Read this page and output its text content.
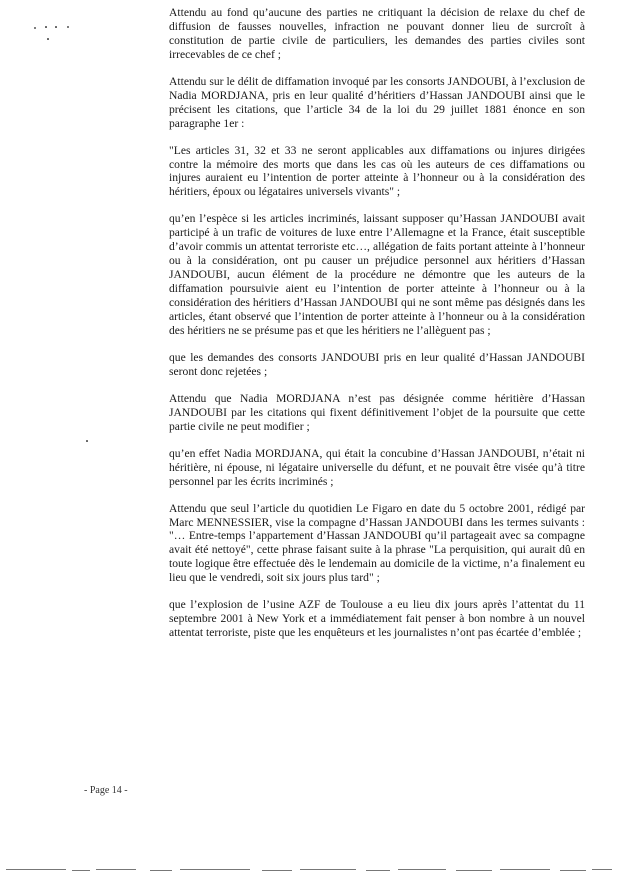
Attendu au fond qu’aucune des parties ne critiquant la décision de relaxe du chef de diffusion de fausses nouvelles, infraction ne pouvant donner lieu de surcroît à constitution de partie civile de particuliers, les demandes des parties civiles sont irrecevables de ce chef ;

Attendu sur le délit de diffamation invoqué par les consorts JANDOUBI, à l’exclusion de Nadia MORDJANA, pris en leur qualité d’héritiers d’Hassan JANDOUBI ainsi que le précisent les citations, que l’article 34 de la loi du 29 juillet 1881 énonce en son paragraphe 1er :

"Les articles 31, 32 et 33 ne seront applicables aux diffamations ou injures dirigées contre la mémoire des morts que dans les cas où les auteurs de ces diffamations ou injures auraient eu l’intention de porter atteinte à l’honneur ou à la considération des héritiers, époux ou légataires universels vivants" ;

qu’en l’espèce si les articles incriminés, laissant supposer qu’Hassan JANDOUBI avait participé à un trafic de voitures de luxe entre l’Allemagne et la France, était susceptible d’avoir commis un attentat terroriste etc…, allégation de faits portant atteinte à l’honneur ou à la considération, ont pu causer un préjudice personnel aux héritiers d’Hassan JANDOUBI, aucun élément de la procédure ne démontre que les auteurs de la diffamation poursuivie aient eu l’intention de porter atteinte à l’honneur ou à la considération des héritiers d’Hassan JANDOUBI qui ne sont même pas désignés dans les articles, étant observé que l’intention de porter atteinte à l’honneur ou à la considération des héritiers ne se présume pas et que les héritiers ne l’allèguent pas ;

que les demandes des consorts JANDOUBI pris en leur qualité d’Hassan JANDOUBI seront donc rejetées ;

Attendu que Nadia MORDJANA n’est pas désignée comme héritière d’Hassan JANDOUBI par les citations qui fixent définitivement l’objet de la poursuite que cette partie civile ne peut modifier ;

qu’en effet Nadia MORDJANA, qui était la concubine d’Hassan JANDOUBI, n’était ni héritière, ni épouse, ni légataire universelle du défunt, et ne pouvait être visée qu’à titre personnel par les écrits incriminés ;

Attendu que seul l’article du quotidien Le Figaro en date du 5 octobre 2001, rédigé par Marc MENNESSIER, vise la compagne d’Hassan JANDOUBI dans les termes suivants : "… Entre-temps l’appartement d’Hassan JANDOUBI qu’il partageait avec sa compagne avait été nettoyé", cette phrase faisant suite à la phrase "La perquisition, qui aurait dû en toute logique être effectuée dès le lendemain au domicile de la victime, n’a finalement eu lieu que le vendredi, soit six jours plus tard" ;

que l’explosion de l’usine AZF de Toulouse a eu lieu dix jours après l’attentat du 11 septembre 2001 à New York et a immédiatement fait penser à bon nombre à un nouvel attentat terroriste, piste que les enquêteurs et les journalistes n’ont pas écartée d’emblée ;

- Page 14 -
